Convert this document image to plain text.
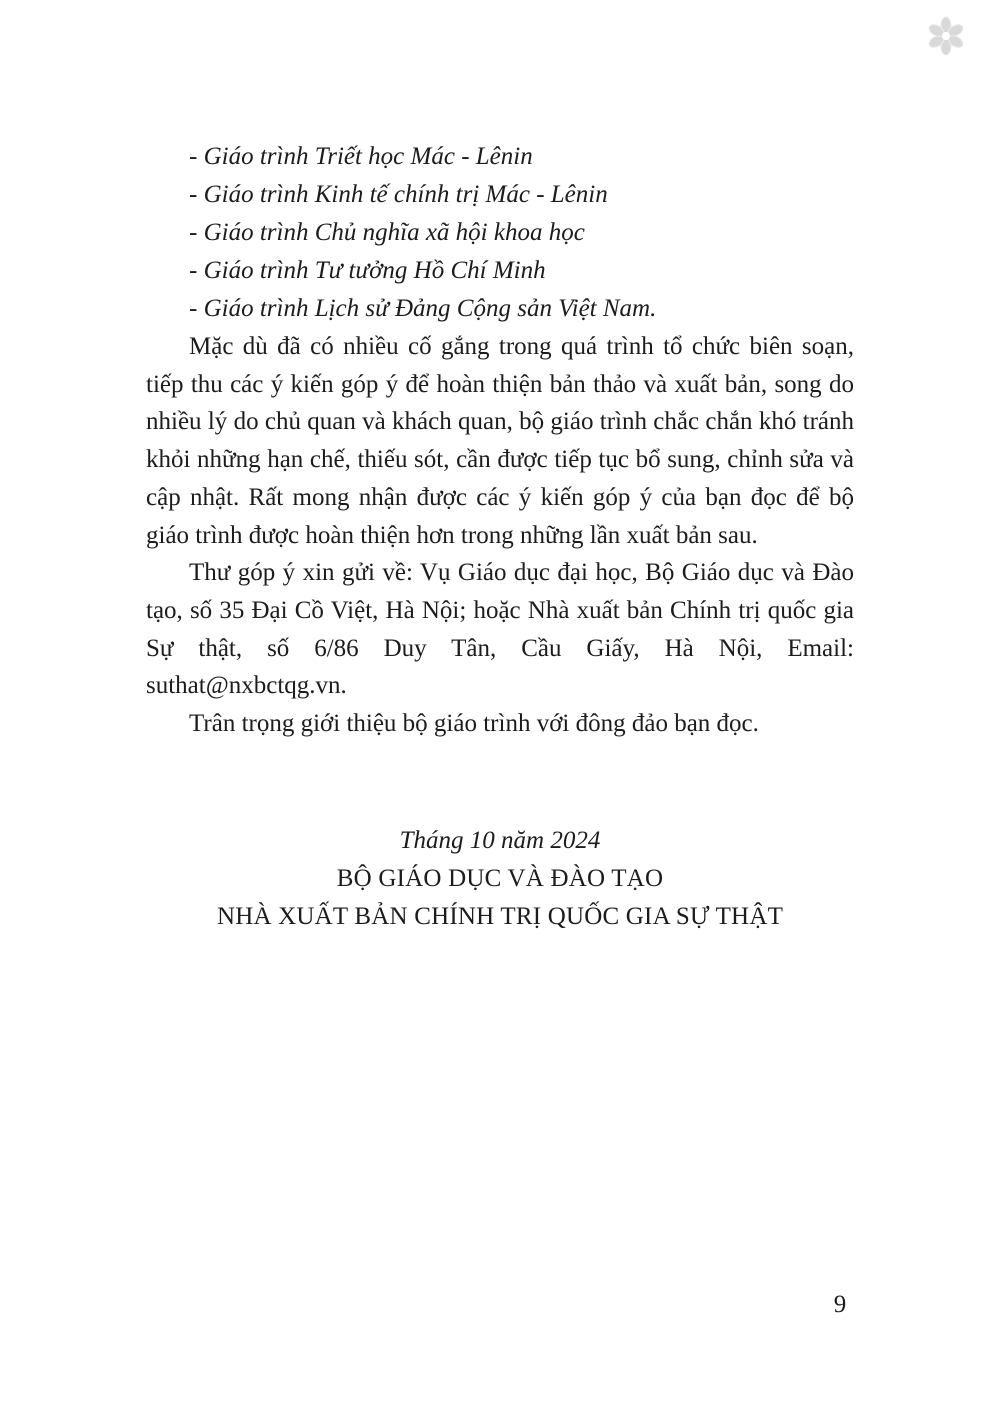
- Giáo trình Triết học Mác - Lênin
- Giáo trình Kinh tế chính trị Mác - Lênin
- Giáo trình Chủ nghĩa xã hội khoa học
- Giáo trình Tư tưởng Hồ Chí Minh
- Giáo trình Lịch sử Đảng Cộng sản Việt Nam.

Mặc dù đã có nhiều cố gắng trong quá trình tổ chức biên soạn, tiếp thu các ý kiến góp ý để hoàn thiện bản thảo và xuất bản, song do nhiều lý do chủ quan và khách quan, bộ giáo trình chắc chắn khó tránh khỏi những hạn chế, thiếu sót, cần được tiếp tục bổ sung, chỉnh sửa và cập nhật. Rất mong nhận được các ý kiến góp ý của bạn đọc để bộ giáo trình được hoàn thiện hơn trong những lần xuất bản sau.

Thư góp ý xin gửi về: Vụ Giáo dục đại học, Bộ Giáo dục và Đào tạo, số 35 Đại Cồ Việt, Hà Nội; hoặc Nhà xuất bản Chính trị quốc gia Sự thật, số 6/86 Duy Tân, Cầu Giấy, Hà Nội, Email: suthat@nxbctqg.vn.

Trân trọng giới thiệu bộ giáo trình với đông đảo bạn đọc.

Tháng 10 năm 2024
BỘ GIÁO DỤC VÀ ĐÀO TẠO
NHÀ XUẤT BẢN CHÍNH TRỊ QUỐC GIA SỰ THẬT
9
